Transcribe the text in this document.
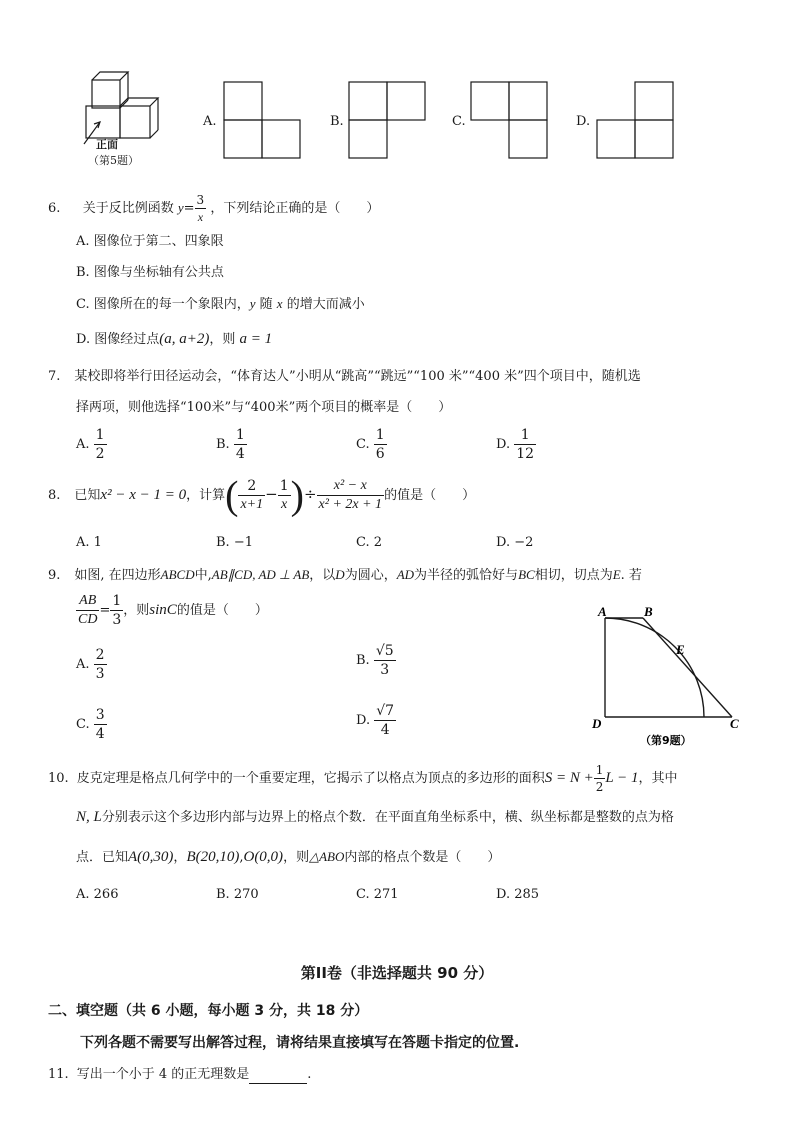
正面
（第5题）
A.	B.	C.	D.
6. 关于反比例函数 $y= \frac{3}{x}$ ，下列结论正确的是（　　）
A. 图像位于第二、四象限
B. 图像与坐标轴有公共点
C. 图像所在的每一个象限内，y 随 x 的增大而减小
D. 图像经过点(a, a+2)，则 a = 1
7. 某校即将举行田径运动会，“体育达人”小明从“跳高”“跳远”“100 米”“400 米”四个项目中，随机选
择两项，则他选择“100米”与“400米”两个项目的概率是（　　）
A. $\frac{1}{2}$	B. $\frac{1}{4}$	C. $\frac{1}{6}$	D. $\frac{1}{12}$
8. 已知x² − x − 1 = 0，计算( $\frac{2}{x+1} - \frac{1}{x}$ )÷ $\frac{\text{x² − x}}{\text{x² + 2x + 1}}$ 的值是（　　）
A. 1	B. −1	C. 2	D. −2
9. 如图, 在四边形ABCD中,AB∥CD, AD ⊥ AB，以D为圆心，AD为半径的弧恰好与BC相切，切点为E. 若
$\frac{AB}{CD} = \frac{1}{3}$ ，则sinC的值是（　　）
A. $\frac{2}{3}$	B. $\frac{√5}{3}$
C. $\frac{3}{4}$	D. $\frac{√7}{4}$
A	B
E
D	C
（第9题）
10. 皮克定理是格点几何学中的一个重要定理，它揭示了以格点为顶点的多边形的面积$S = N + \frac{1}{2}$ L − 1，其中
N, L分别表示这个多边形内部与边界上的格点个数．在平面直角坐标系中，横、纵坐标都是整数的点为格
点．已知A(0,30)，B(20,10),O(0,0)，则△ABO内部的格点个数是（　　）
A. 266	B. 270	C. 271	D. 285
第II卷（非选择题共 90 分）
二、填空题（共 6 小题，每小题 3 分，共 18 分）
下列各题不需要写出解答过程，请将结果直接填写在答题卡指定的位置.
11. 写出一个小于 4 的正无理数是	.
